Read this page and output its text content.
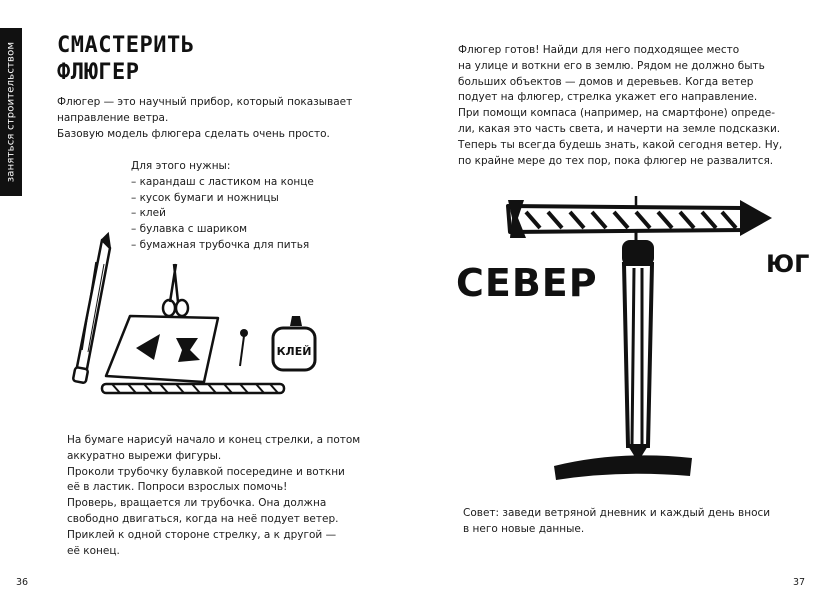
заняться строительством СМАСТЕРИТЬ
ФЛЮГЕР

Флюгер — это научный прибор, который показывает

направление ветра.

Базовую модель флюгера сделать очень просто.

Для этого нужны:

– карандаш с ластиком на конце

– кусок бумаги и ножницы

– клей

– булавка с шариком

– бумажная трубочка для питья

КЛЕЙ

На бумаге нарисуй начало и конец стрелки, а потом

аккуратно вырежи фигуры.

Проколи трубочку булавкой посередине и воткни

её в ластик. Попроси взрослых помочь!

Проверь, вращается ли трубочка. Она должна

свободно двигаться, когда на неё подует ветер.

Приклей к одной стороне стрелку, а к другой —

её конец.

36

Флюгер готов! Найди для него подходящее место

на улице и воткни его в землю. Рядом не должно быть

больших объектов — домов и деревьев. Когда ветер

подует на флюгер, стрелка укажет его направление.

При помощи компаса (например, на смартфоне) опреде-

ли, какая это часть света, и начерти на земле подсказки.

Теперь ты всегда будешь знать, какой сегодня ветер. Ну,

по крайне мере до тех пор, пока флюгер не развалится.

СЕВЕР	ЮГ

Совет: заведи ветряной дневник и каждый день вноси

в него новые данные.

37
